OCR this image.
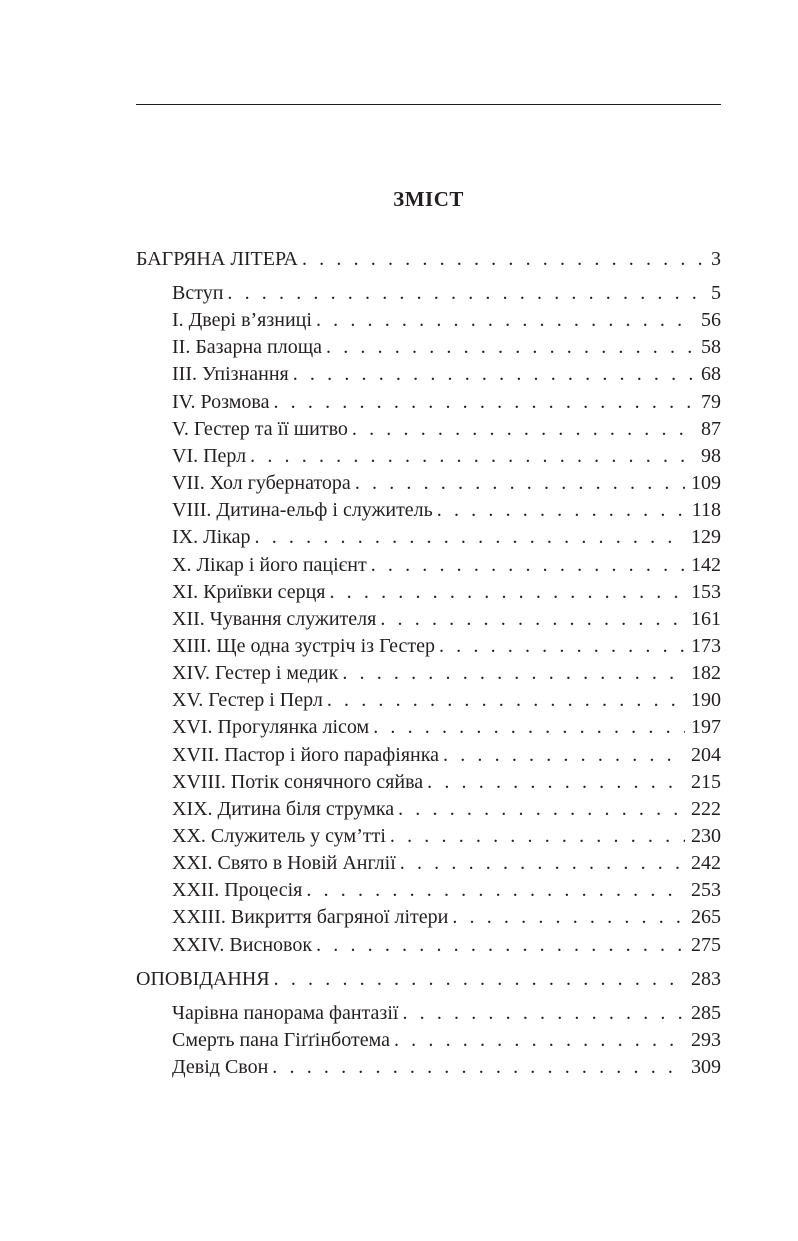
ЗМІСТ
БАГРЯНА ЛІТЕРА . . .	3
Вступ . . .	5
I. Двері в’язниці . . .	56
II. Базарна площа . . .	58
III. Упізнання . . .	68
IV. Розмова . . .	79
V. Гестер та її шитво . . .	87
VI. Перл . . .	98
VII. Хол губернатора . . .	109
VIII. Дитина-ельф і служитель . . .	118
IX. Лікар . . .	129
X. Лікар і його пацієнт . . .	142
XI. Криївки серця . . .	153
XII. Чування служителя . . .	161
XIII. Ще одна зустріч із Гестер . . .	173
XIV. Гестер і медик . . .	182
XV. Гестер і Перл . . .	190
XVI. Прогулянка лісом . . .	197
XVII. Пастор і його парафіянка . . .	204
XVIII. Потік сонячного сяйва . . .	215
XIX. Дитина біля струмка . . .	222
XX. Служитель у сум’тті . . .	230
XXI. Свято в Новій Англії . . .	242
XXII. Процесія . . .	253
XXIII. Викриття багряної літери . . .	265
XXIV. Висновок . . .	275
ОПОВІДАННЯ . . .	283
Чарівна панорама фантазії . . .	285
Смерть пана Гіґґінботема . . .	293
Девід Свон . . .	309
